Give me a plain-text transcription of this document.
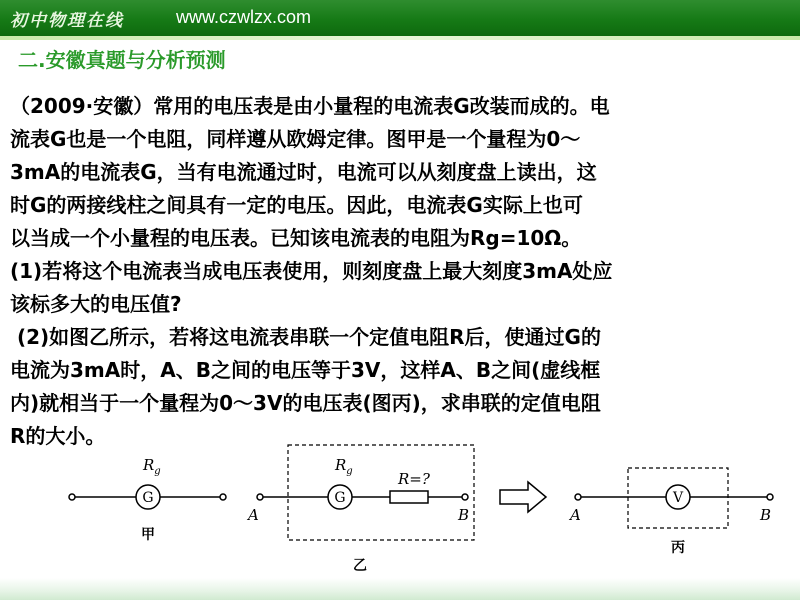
初中物理在线	www.czwlzx.com
二.安徽真题与分析预测

（2009·安徽）常用的电压表是由小量程的电流表G改装而成的。电

流表G也是一个电阻，同样遵从欧姆定律。图甲是一个量程为0～

3mA的电流表G，当有电流通过时，电流可以从刻度盘上读出，这

时G的两接线柱之间具有一定的电压。因此，电流表G实际上也可

以当成一个小量程的电压表。已知该电流表的电阻为Rg=10Ω。

(1)若将这个电流表当成电压表使用，则刻度盘上最大刻度3mA处应

该标多大的电压值?

(2)如图乙所示，若将这电流表串联一个定值电阻R后，使通过G的

电流为3mA时，A、B之间的电压等于3V，这样A、B之间(虚线框

内)就相当于一个量程为0～3V的电压表(图丙)，求串联的定值电阻

R的大小。

G
$R_g$
甲
A
G
$R_g$	R=?
B
乙
A
V
B
丙
